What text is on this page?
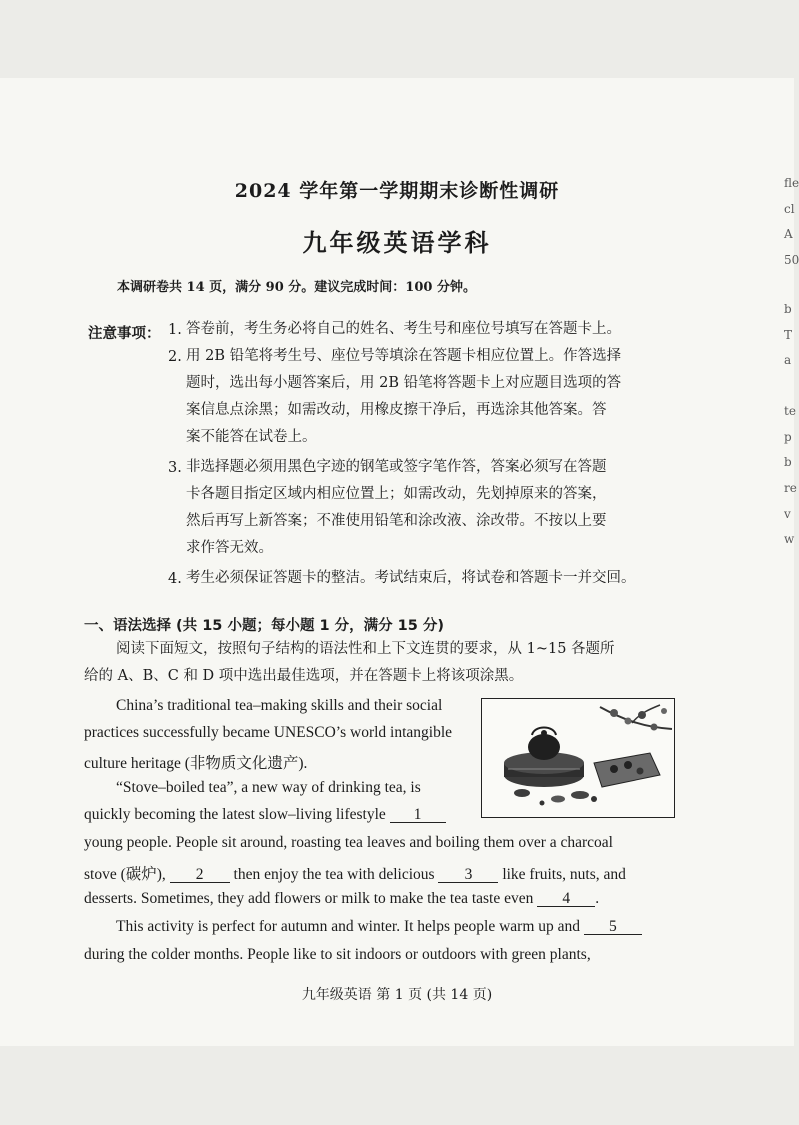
fle
cl
A
50
b
T
a
te
p
b
re
v
w
2024 学年第一学期期末诊断性调研
九年级英语学科
本调研卷共 14 页，满分 90 分。建议完成时间：100 分钟。
注意事项： 1. 答卷前，考生务必将自己的姓名、考生号和座位号填写在答题卡上。
2. 用 2B 铅笔将考生号、座位号等填涂在答题卡相应位置上。作答选择
题时，选出每小题答案后，用 2B 铅笔将答题卡上对应题目选项的答
案信息点涂黑；如需改动，用橡皮擦干净后，再选涂其他答案。答
案不能答在试卷上。
3. 非选择题必须用黑色字迹的钢笔或签字笔作答，答案必须写在答题
卡各题目指定区域内相应位置上；如需改动，先划掉原来的答案，
然后再写上新答案；不准使用铅笔和涂改液、涂改带。不按以上要
求作答无效。
4. 考生必须保证答题卡的整洁。考试结束后，将试卷和答题卡一并交回。
一、语法选择 (共 15 小题；每小题 1 分，满分 15 分)
阅读下面短文，按照句子结构的语法性和上下文连贯的要求，从 1~15 各题所
给的 A、B、C 和 D 项中选出最佳选项，并在答题卡上将该项涂黑。
China’s traditional tea–making skills and their social
practices successfully became UNESCO’s world intangible
culture heritage (非物质文化遗产).
“Stove–boiled tea”, a new way of drinking tea, is
quickly becoming the latest slow–living lifestyle 1
young people. People sit around, roasting tea leaves and boiling them over a charcoal
stove (碳炉), 2 then enjoy the tea with delicious 3 like fruits, nuts, and
desserts. Sometimes, they add flowers or milk to make the tea taste even 4 .
This activity is perfect for autumn and winter. It helps people warm up and 5
during the colder months. People like to sit indoors or outdoors with green plants,
九年级英语 第 1 页 (共 14 页)
